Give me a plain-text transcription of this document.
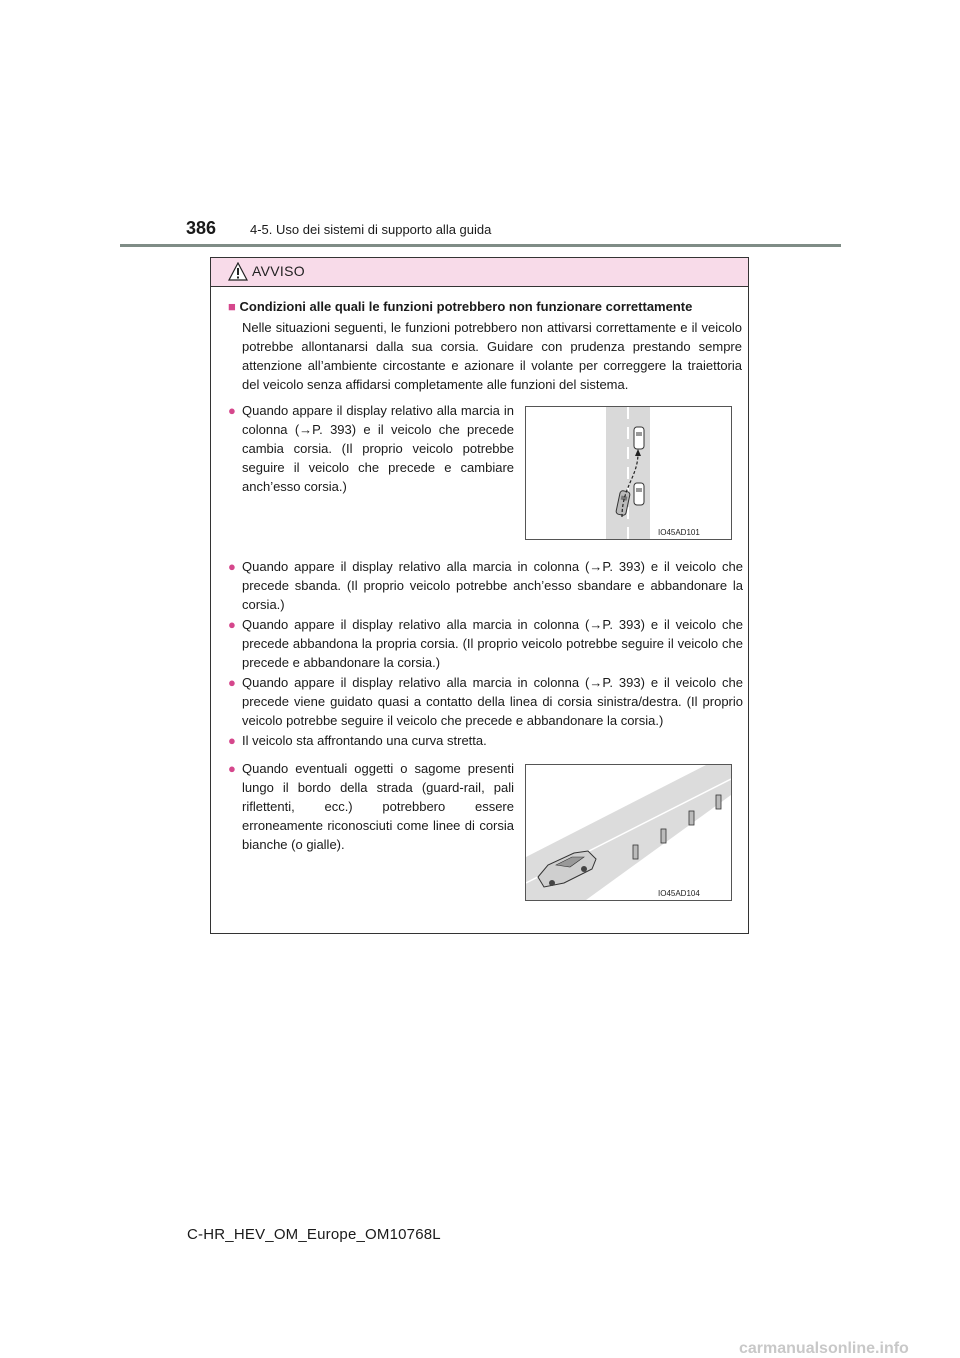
386	4-5. Uso dei sistemi di supporto alla guida
AVVISO
■ Condizioni alle quali le funzioni potrebbero non funzionare correttamente
Nelle situazioni seguenti, le funzioni potrebbero non attivarsi correttamente e il veicolo potrebbe allontanarsi dalla sua corsia. Guidare con prudenza prestando sempre attenzione all’ambiente circostante e azionare il volante per correggere la traiettoria del veicolo senza affidarsi completamente alle funzioni del sistema.
● Quando appare il display relativo alla marcia in colonna (→P. 393) e il veicolo che precede cambia corsia. (Il proprio veicolo potrebbe seguire il veicolo che precede e cambiare anch’esso corsia.)
IO45AD101
● Quando appare il display relativo alla marcia in colonna (→P. 393) e il veicolo che precede sbanda. (Il proprio veicolo potrebbe anch’esso sbandare e abbandonare la corsia.)
● Quando appare il display relativo alla marcia in colonna (→P. 393) e il veicolo che precede abbandona la propria corsia. (Il proprio veicolo potrebbe seguire il veicolo che precede e abbandonare la corsia.)
● Quando appare il display relativo alla marcia in colonna (→P. 393) e il veicolo che precede viene guidato quasi a contatto della linea di corsia sinistra/destra. (Il proprio veicolo potrebbe seguire il veicolo che precede e abbandonare la corsia.)
● Il veicolo sta affrontando una curva stretta.
● Quando eventuali oggetti o sagome presenti lungo il bordo della strada (guard-rail, pali riflettenti, ecc.) potrebbero essere erroneamente riconosciuti come linee di corsia bianche (o gialle).
IO45AD104
C-HR_HEV_OM_Europe_OM10768L
carmanualsonline.info
